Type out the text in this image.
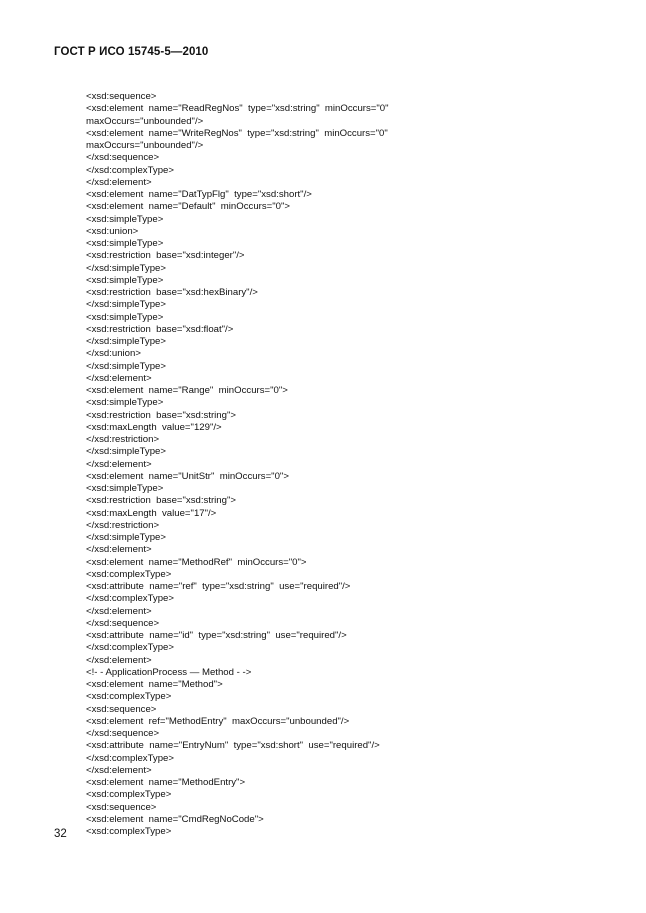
ГОСТ Р ИСО 15745-5—2010
<xsd:sequence>
<xsd:element  name="ReadRegNos"  type="xsd:string"  minOccurs="0"
maxOccurs="unbounded"/>
<xsd:element  name="WriteRegNos"  type="xsd:string"  minOccurs="0"
maxOccurs="unbounded"/>
</xsd:sequence>
</xsd:complexType>
</xsd:element>
<xsd:element  name="DatTypFlg"  type="xsd:short"/>
<xsd:element  name="Default"  minOccurs="0">
<xsd:simpleType>
<xsd:union>
<xsd:simpleType>
<xsd:restriction  base="xsd:integer"/>
</xsd:simpleType>
<xsd:simpleType>
<xsd:restriction  base="xsd:hexBinary"/>
</xsd:simpleType>
<xsd:simpleType>
<xsd:restriction  base="xsd:float"/>
</xsd:simpleType>
</xsd:union>
</xsd:simpleType>
</xsd:element>
<xsd:element  name="Range"  minOccurs="0">
<xsd:simpleType>
<xsd:restriction  base="xsd:string">
<xsd:maxLength  value="129"/>
</xsd:restriction>
</xsd:simpleType>
</xsd:element>
<xsd:element  name="UnitStr"  minOccurs="0">
<xsd:simpleType>
<xsd:restriction  base="xsd:string">
<xsd:maxLength  value="17"/>
</xsd:restriction>
</xsd:simpleType>
</xsd:element>
<xsd:element  name="MethodRef"  minOccurs="0">
<xsd:complexType>
<xsd:attribute  name="ref"  type="xsd:string"  use="required"/>
</xsd:complexType>
</xsd:element>
</xsd:sequence>
<xsd:attribute  name="id"  type="xsd:string"  use="required"/>
</xsd:complexType>
</xsd:element>
<!- - ApplicationProcess — Method - ->
<xsd:element  name="Method">
<xsd:complexType>
<xsd:sequence>
<xsd:element  ref="MethodEntry"  maxOccurs="unbounded"/>
</xsd:sequence>
<xsd:attribute  name="EntryNum"  type="xsd:short"  use="required"/>
</xsd:complexType>
</xsd:element>
<xsd:element  name="MethodEntry">
<xsd:complexType>
<xsd:sequence>
<xsd:element  name="CmdRegNoCode">
<xsd:complexType>
32
